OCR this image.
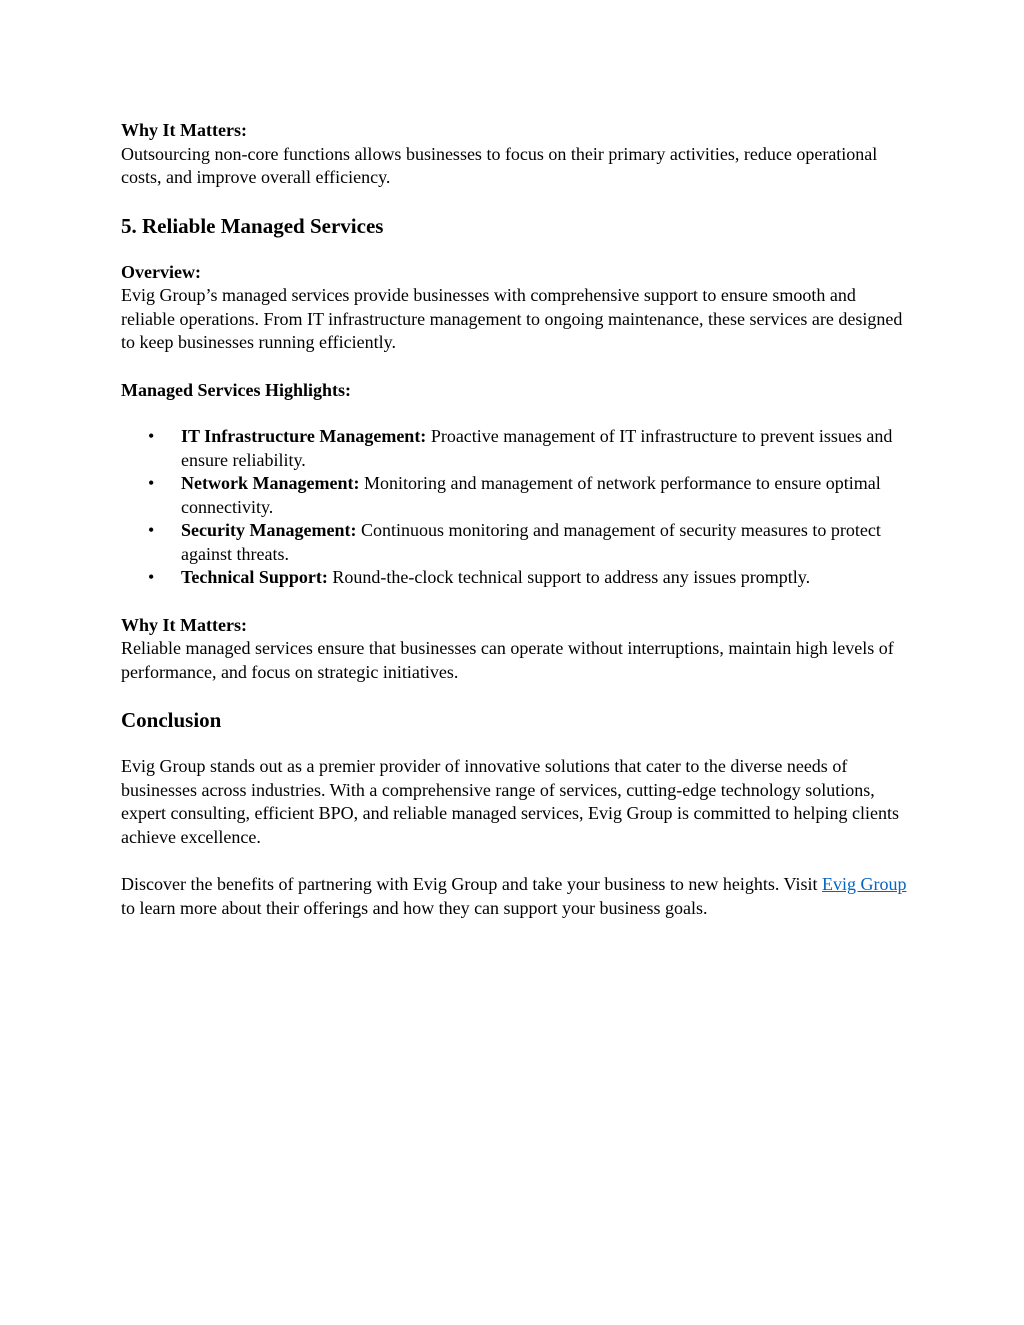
Why It Matters:

Outsourcing non-core functions allows businesses to focus on their primary activities, reduce operational costs, and improve overall efficiency.

5. Reliable Managed Services

Overview:

Evig Group’s managed services provide businesses with comprehensive support to ensure smooth and reliable operations. From IT infrastructure management to ongoing maintenance, these services are designed to keep businesses running efficiently.

Managed Services Highlights:

• IT Infrastructure Management: Proactive management of IT infrastructure to prevent issues and ensure reliability.
• Network Management: Monitoring and management of network performance to ensure optimal connectivity.
• Security Management: Continuous monitoring and management of security measures to protect against threats.
• Technical Support: Round-the-clock technical support to address any issues promptly.

Why It Matters:

Reliable managed services ensure that businesses can operate without interruptions, maintain high levels of performance, and focus on strategic initiatives.

Conclusion

Evig Group stands out as a premier provider of innovative solutions that cater to the diverse needs of businesses across industries. With a comprehensive range of services, cutting-edge technology solutions, expert consulting, efficient BPO, and reliable managed services, Evig Group is committed to helping clients achieve excellence.

Discover the benefits of partnering with Evig Group and take your business to new heights. Visit Evig Group to learn more about their offerings and how they can support your business goals.
